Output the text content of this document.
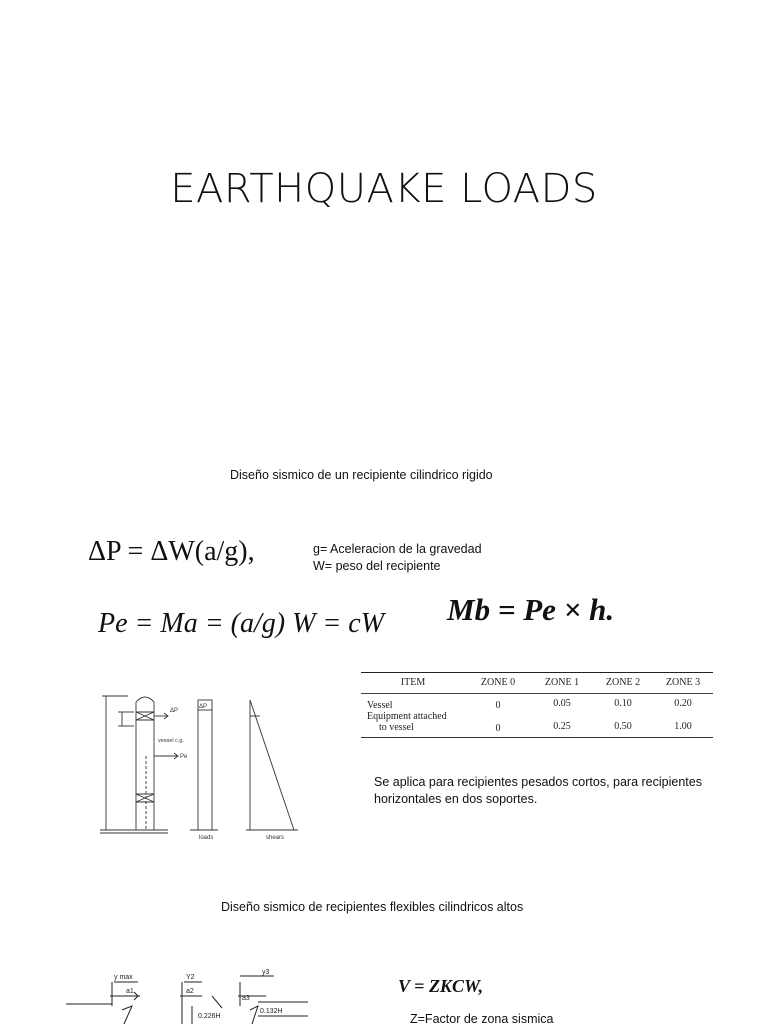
EARTHQUAKE LOADS
Diseño sismico de un recipiente cilindrico rigido
ΔP = ΔW(a/g),	g= Aceleracion de la gravedad
W= peso del recipiente
Pe = Ma = (a/g) W = cW Mb = Pe × h.
ITEM	ZONE 0	ZONE 1	ZONE 2	ZONE 3
Vessel	0	0.05	0.10	0.20

Equipment attached
to vessel	0	0.25	0.50	1.00
ΔP
ΔP
vessel c.g.
Pe
loads	shears
Se aplica para recipientes pesados cortos, para recipientes horizontales en dos soportes.
Diseño sismico de recipientes flexibles cilindricos altos
y max
a1
0.226H
Y2
a2
y3
a3
0.132H
V = ZKCW,
Z=Factor de zona sismica
